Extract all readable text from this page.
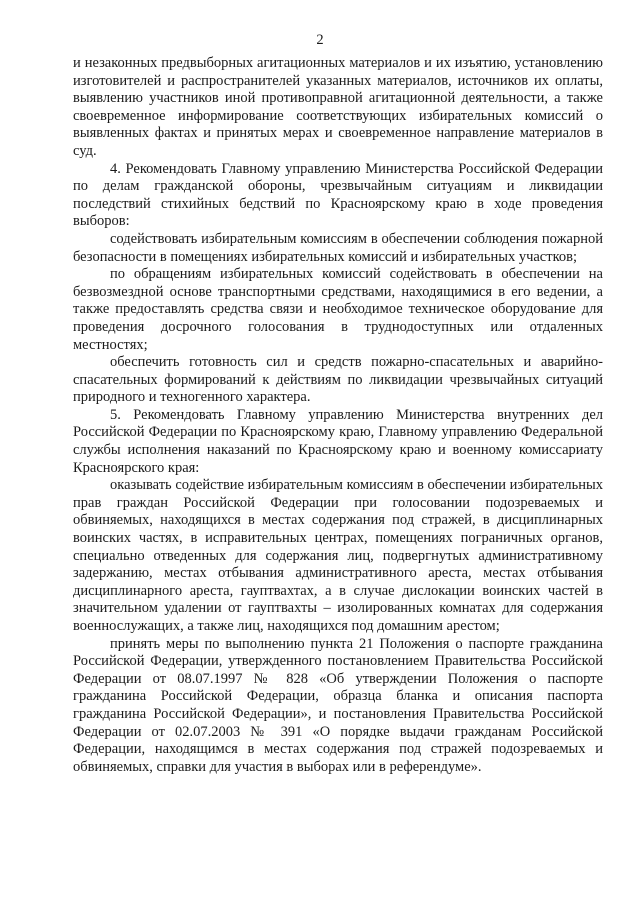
2

и незаконных предвыборных агитационных материалов и их изъятию, установлению изготовителей и распространителей указанных материалов, источников их оплаты, выявлению участников иной противоправной агитационной деятельности, а также своевременное информирование соответствующих избирательных комиссий о выявленных фактах и принятых мерах и своевременное направление материалов в суд.

4. Рекомендовать Главному управлению Министерства Российской Федерации по делам гражданской обороны, чрезвычайным ситуациям и ликвидации последствий стихийных бедствий по Красноярскому краю в ходе проведения выборов:

содействовать избирательным комиссиям в обеспечении соблюдения пожарной безопасности в помещениях избирательных комиссий и избирательных участков;

по обращениям избирательных комиссий содействовать в обеспечении на безвозмездной основе транспортными средствами, находящимися в его ведении, а также предоставлять средства связи и необходимое техническое оборудование для проведения досрочного голосования в труднодоступных или отдаленных местностях;

обеспечить готовность сил и средств пожарно-спасательных и аварийно-спасательных формирований к действиям по ликвидации чрезвычайных ситуаций природного и техногенного характера.

5. Рекомендовать Главному управлению Министерства внутренних дел Российской Федерации по Красноярскому краю, Главному управлению Федеральной службы исполнения наказаний по Красноярскому краю и военному комиссариату Красноярского края:

оказывать содействие избирательным комиссиям в обеспечении избирательных прав граждан Российской Федерации при голосовании подозреваемых и обвиняемых, находящихся в местах содержания под стражей, в дисциплинарных воинских частях, в исправительных центрах, помещениях пограничных органов, специально отведенных для содержания лиц, подвергнутых административному задержанию, местах отбывания административного ареста, местах отбывания дисциплинарного ареста, гауптвахтах, а в случае дислокации воинских частей в значительном удалении от гауптвахты – изолированных комнатах для содержания военнослужащих, а также лиц, находящихся под домашним арестом;

принять меры по выполнению пункта 21 Положения о паспорте гражданина Российской Федерации, утвержденного постановлением Правительства Российской Федерации от 08.07.1997 № 828 «Об утверждении Положения о паспорте гражданина Российской Федерации, образца бланка и описания паспорта гражданина Российской Федерации», и постановления Правительства Российской Федерации от 02.07.2003 № 391 «О порядке выдачи гражданам Российской Федерации, находящимся в местах содержания под стражей подозреваемых и обвиняемых, справки для участия в выборах или в референдуме».
